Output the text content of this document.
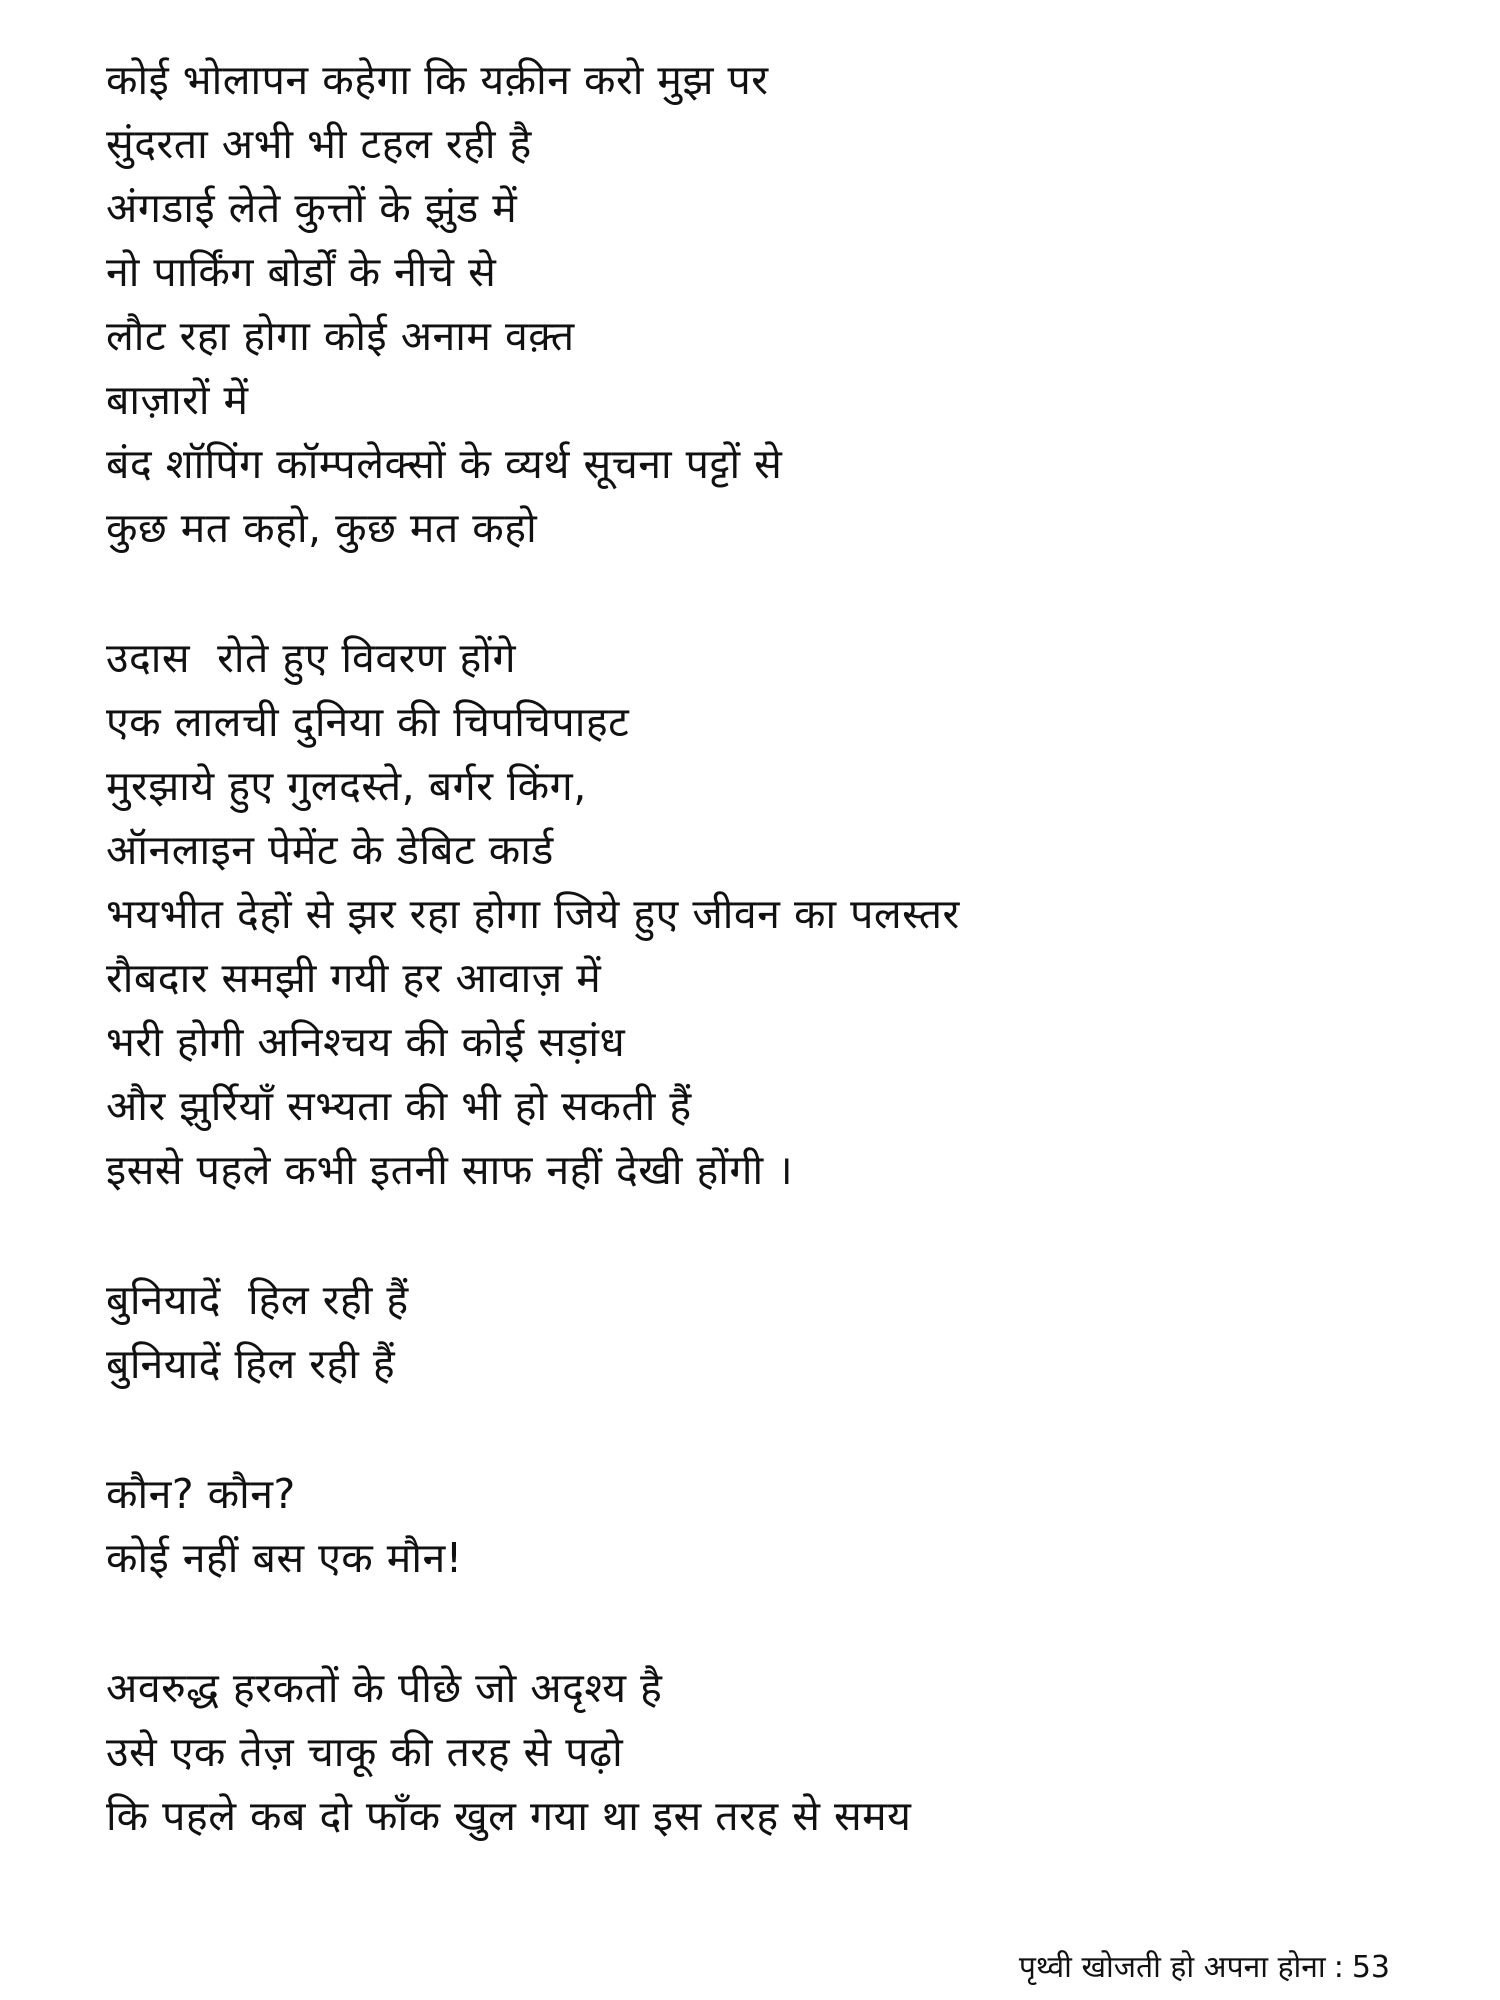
कोई भोलापन कहेगा कि यक़ीन करो मुझ पर
सुंदरता अभी भी टहल रही है
अंगडाई लेते कुत्तों के झुंड में
नो पार्किंग बोर्डों के नीचे से
लौट रहा होगा कोई अनाम वक़्त
बाज़ारों में
बंद शॉपिंग कॉम्पलेक्सों के व्यर्थ सूचना पट्टों से
कुछ मत कहो, कुछ मत कहो
उदास  रोते हुए विवरण होंगे
एक लालची दुनिया की चिपचिपाहट
मुरझाये हुए गुलदस्ते, बर्गर किंग,
ऑनलाइन पेमेंट के डेबिट कार्ड
भयभीत देहों से झर रहा होगा जिये हुए जीवन का पलस्तर
रौबदार समझी गयी हर आवाज़ में
भरी होगी अनिश्चय की कोई सड़ांध
और झुर्रियाँ सभ्यता की भी हो सकती हैं
इससे पहले कभी इतनी साफ नहीं देखी होंगी ।
बुनियादें  हिल रही हैं
बुनियादें हिल रही हैं
कौन? कौन?
कोई नहीं बस एक मौन!
अवरुद्ध हरकतों के पीछे जो अदृश्य है
उसे एक तेज़ चाकू की तरह से पढ़ो
कि पहले कब दो फाँक खुल गया था इस तरह से समय
पृथ्वी खोजती हो अपना होना : 53
